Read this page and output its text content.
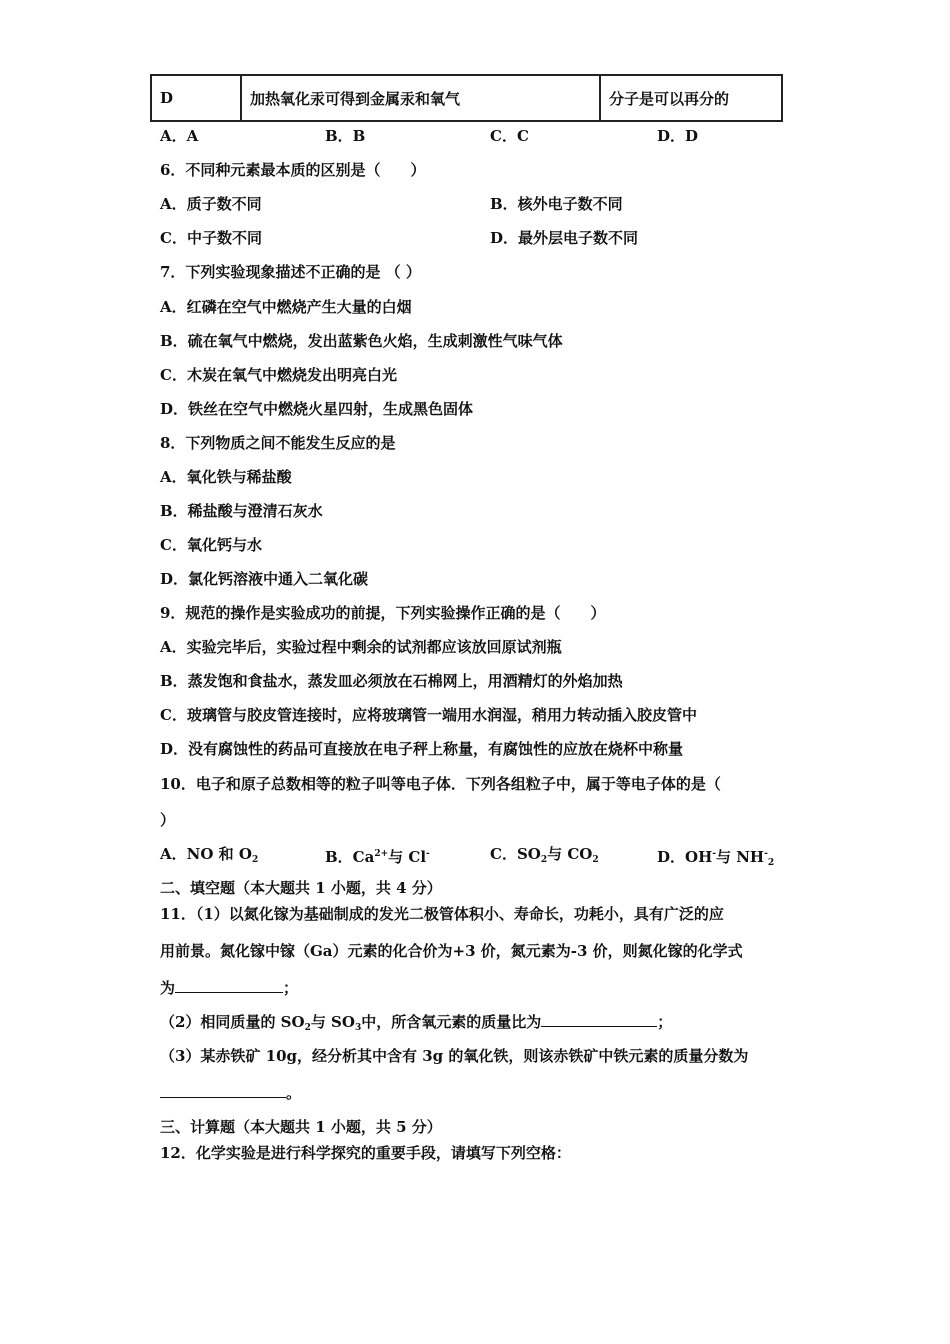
D	加热氧化汞可得到金属汞和氧气	分子是可以再分的
A．A	B．B	C．C	D．D
6．不同种元素最本质的区别是（　　）
A．质子数不同	B．核外电子数不同
C．中子数不同	D．最外层电子数不同
7．下列实验现象描述不正确的是 （ ）
A．红磷在空气中燃烧产生大量的白烟
B．硫在氧气中燃烧，发出蓝紫色火焰，生成刺激性气味气体
C．木炭在氧气中燃烧发出明亮白光
D．铁丝在空气中燃烧火星四射，生成黑色固体
8．下列物质之间不能发生反应的是
A．氧化铁与稀盐酸
B．稀盐酸与澄清石灰水
C．氧化钙与水
D．氯化钙溶液中通入二氧化碳
9．规范的操作是实验成功的前提，下列实验操作正确的是（　　）
A．实验完毕后，实验过程中剩余的试剂都应该放回原试剂瓶
B．蒸发饱和食盐水，蒸发皿必须放在石棉网上，用酒精灯的外焰加热
C．玻璃管与胶皮管连接时，应将玻璃管一端用水润湿，稍用力转动插入胶皮管中
D．没有腐蚀性的药品可直接放在电子秤上称量，有腐蚀性的应放在烧杯中称量
10．电子和原子总数相等的粒子叫等电子体．下列各组粒子中，属于等电子体的是（
）
A．NO 和 $O_2$	B．$Ca^{2+}$与 Cl-	C．$SO_2$与 $CO_2$	D．OH-与 $NH^-_2$
二、填空题（本大题共 1 小题，共 4 分）
11．（1）以氮化镓为基础制成的发光二极管体积小、寿命长，功耗小，具有广泛的应
用前景。氮化镓中镓（Ga）元素的化合价为+3 价，氮元素为-3 价，则氮化镓的化学式
为	；
（2）相同质量的 $SO_2$与 $SO_3$中，所含氧元素的质量比为	；
（3）某赤铁矿 10g，经分析其中含有 3g 的氧化铁，则该赤铁矿中铁元素的质量分数为
。
三、计算题（本大题共 1 小题，共 5 分）
12．化学实验是进行科学探究的重要手段，请填写下列空格：
